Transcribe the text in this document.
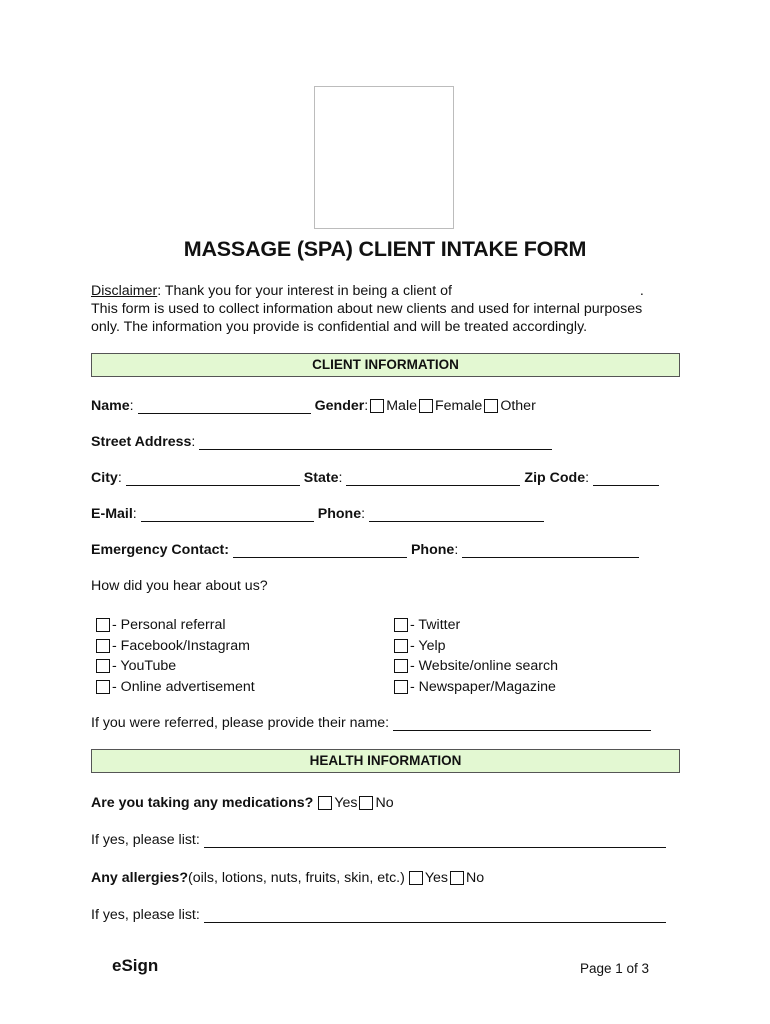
MASSAGE (SPA) CLIENT INTAKE FORM
Disclaimer: Thank you for your interest in being a client of	.
This form is used to collect information about new clients and used for internal purposes
only. The information you provide is confidential and will be treated accordingly.
CLIENT INFORMATION
Name :	Gender : Male Female Other
Street Address :
City :	State :	Zip Code :
E-Mail :	Phone :
Emergency Contact:	Phone :
How did you hear about us?
- Personal referral
- Facebook/Instagram
- YouTube
- Online advertisement
- Twitter
- Yelp
- Website/online search
- Newspaper/Magazine
If you were referred, please provide their name:
HEALTH INFORMATION
Are you taking any medications? Yes No
If yes, please list:
Any allergies? (oils, lotions, nuts, fruits, skin, etc.) Yes No
If yes, please list:
eSign	Page 1 of 3
